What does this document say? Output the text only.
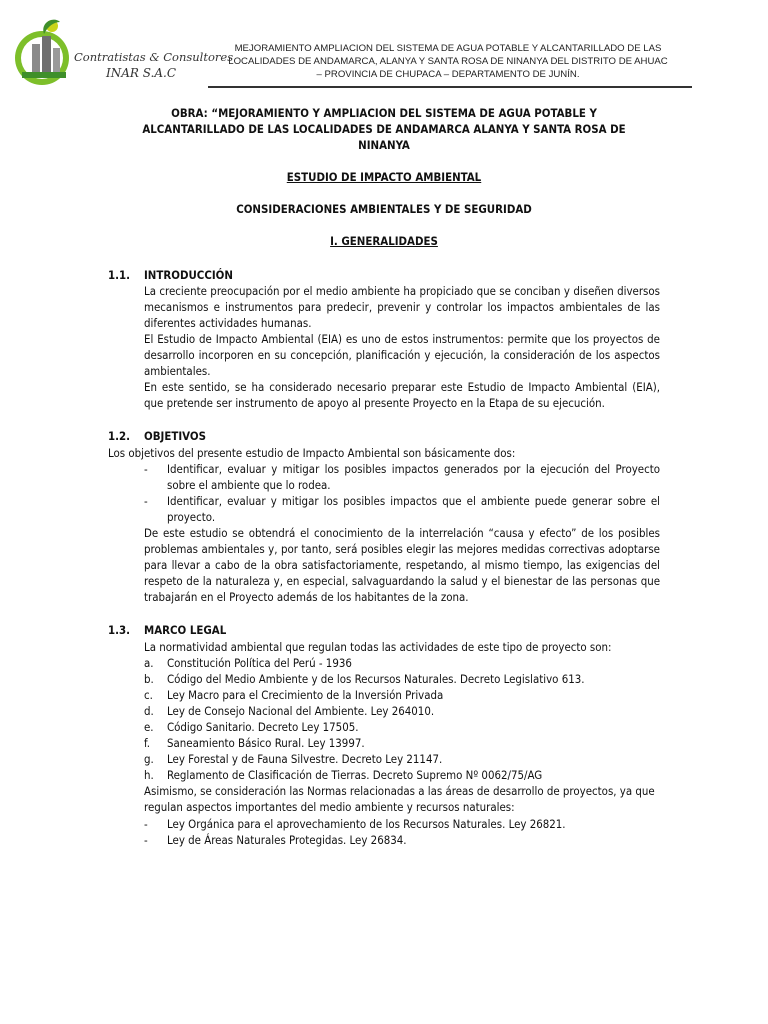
Contratistas & Consultores
INAR S.A.C
MEJORAMIENTO AMPLIACION DEL SISTEMA DE AGUA POTABLE Y ALCANTARILLADO DE LAS
LOCALIDADES DE ANDAMARCA, ALANYA Y SANTA ROSA DE NINANYA DEL DISTRITO DE AHUAC
– PROVINCIA DE CHUPACA – DEPARTAMENTO DE JUNÍN.
OBRA: “MEJORAMIENTO Y AMPLIACION DEL SISTEMA DE AGUA POTABLE Y ALCANTARILLADO DE LAS LOCALIDADES DE ANDAMARCA ALANYA Y SANTA ROSA DE NINANYA
ESTUDIO DE IMPACTO AMBIENTAL
CONSIDERACIONES AMBIENTALES Y DE SEGURIDAD
I. GENERALIDADES
1.1.	INTRODUCCIÓN
La creciente preocupación por el medio ambiente ha propiciado que se conciban y diseñen diversos mecanismos e instrumentos para predecir, prevenir y controlar los impactos ambientales de las diferentes actividades humanas.
El Estudio de Impacto Ambiental (EIA) es uno de estos instrumentos: permite que los proyectos de desarrollo incorporen en su concepción, planificación y ejecución, la consideración de los aspectos ambientales.
En este sentido, se ha considerado necesario preparar este Estudio de Impacto Ambiental (EIA), que pretende ser instrumento de apoyo al presente Proyecto en la Etapa de su ejecución.
1.2.	OBJETIVOS
Los objetivos del presente estudio de Impacto Ambiental son básicamente dos:
-	Identificar, evaluar y mitigar los posibles impactos generados por la ejecución del Proyecto sobre el ambiente que lo rodea.
-	Identificar, evaluar y mitigar los posibles impactos que el ambiente puede generar sobre el proyecto.
De este estudio se obtendrá el conocimiento de la interrelación “causa y efecto” de los posibles problemas ambientales y, por tanto, será posibles elegir las mejores medidas correctivas adoptarse para llevar a cabo de la obra satisfactoriamente, respetando, al mismo tiempo, las exigencias del respeto de la naturaleza y, en especial, salvaguardando la salud y el bienestar de las personas que trabajarán en el Proyecto además de los habitantes de la zona.
1.3.	MARCO LEGAL
La normatividad ambiental que regulan todas las actividades de este tipo de proyecto son:
a.	Constitución Política del Perú - 1936
b.	Código del Medio Ambiente y de los Recursos Naturales. Decreto Legislativo 613.
c.	Ley Macro para el Crecimiento de la Inversión Privada
d.	Ley de Consejo Nacional del Ambiente. Ley 264010.
e.	Código Sanitario. Decreto Ley 17505.
f.	Saneamiento Básico Rural. Ley 13997.
g.	Ley Forestal y de Fauna Silvestre. Decreto Ley 21147.
h.	Reglamento de Clasificación de Tierras. Decreto Supremo Nº 0062/75/AG
Asimismo, se consideración las Normas relacionadas a las áreas de desarrollo de proyectos, ya que regulan aspectos importantes del medio ambiente y recursos naturales:
-	Ley Orgánica para el aprovechamiento de los Recursos Naturales. Ley 26821.
-	Ley de Áreas Naturales Protegidas. Ley 26834.
